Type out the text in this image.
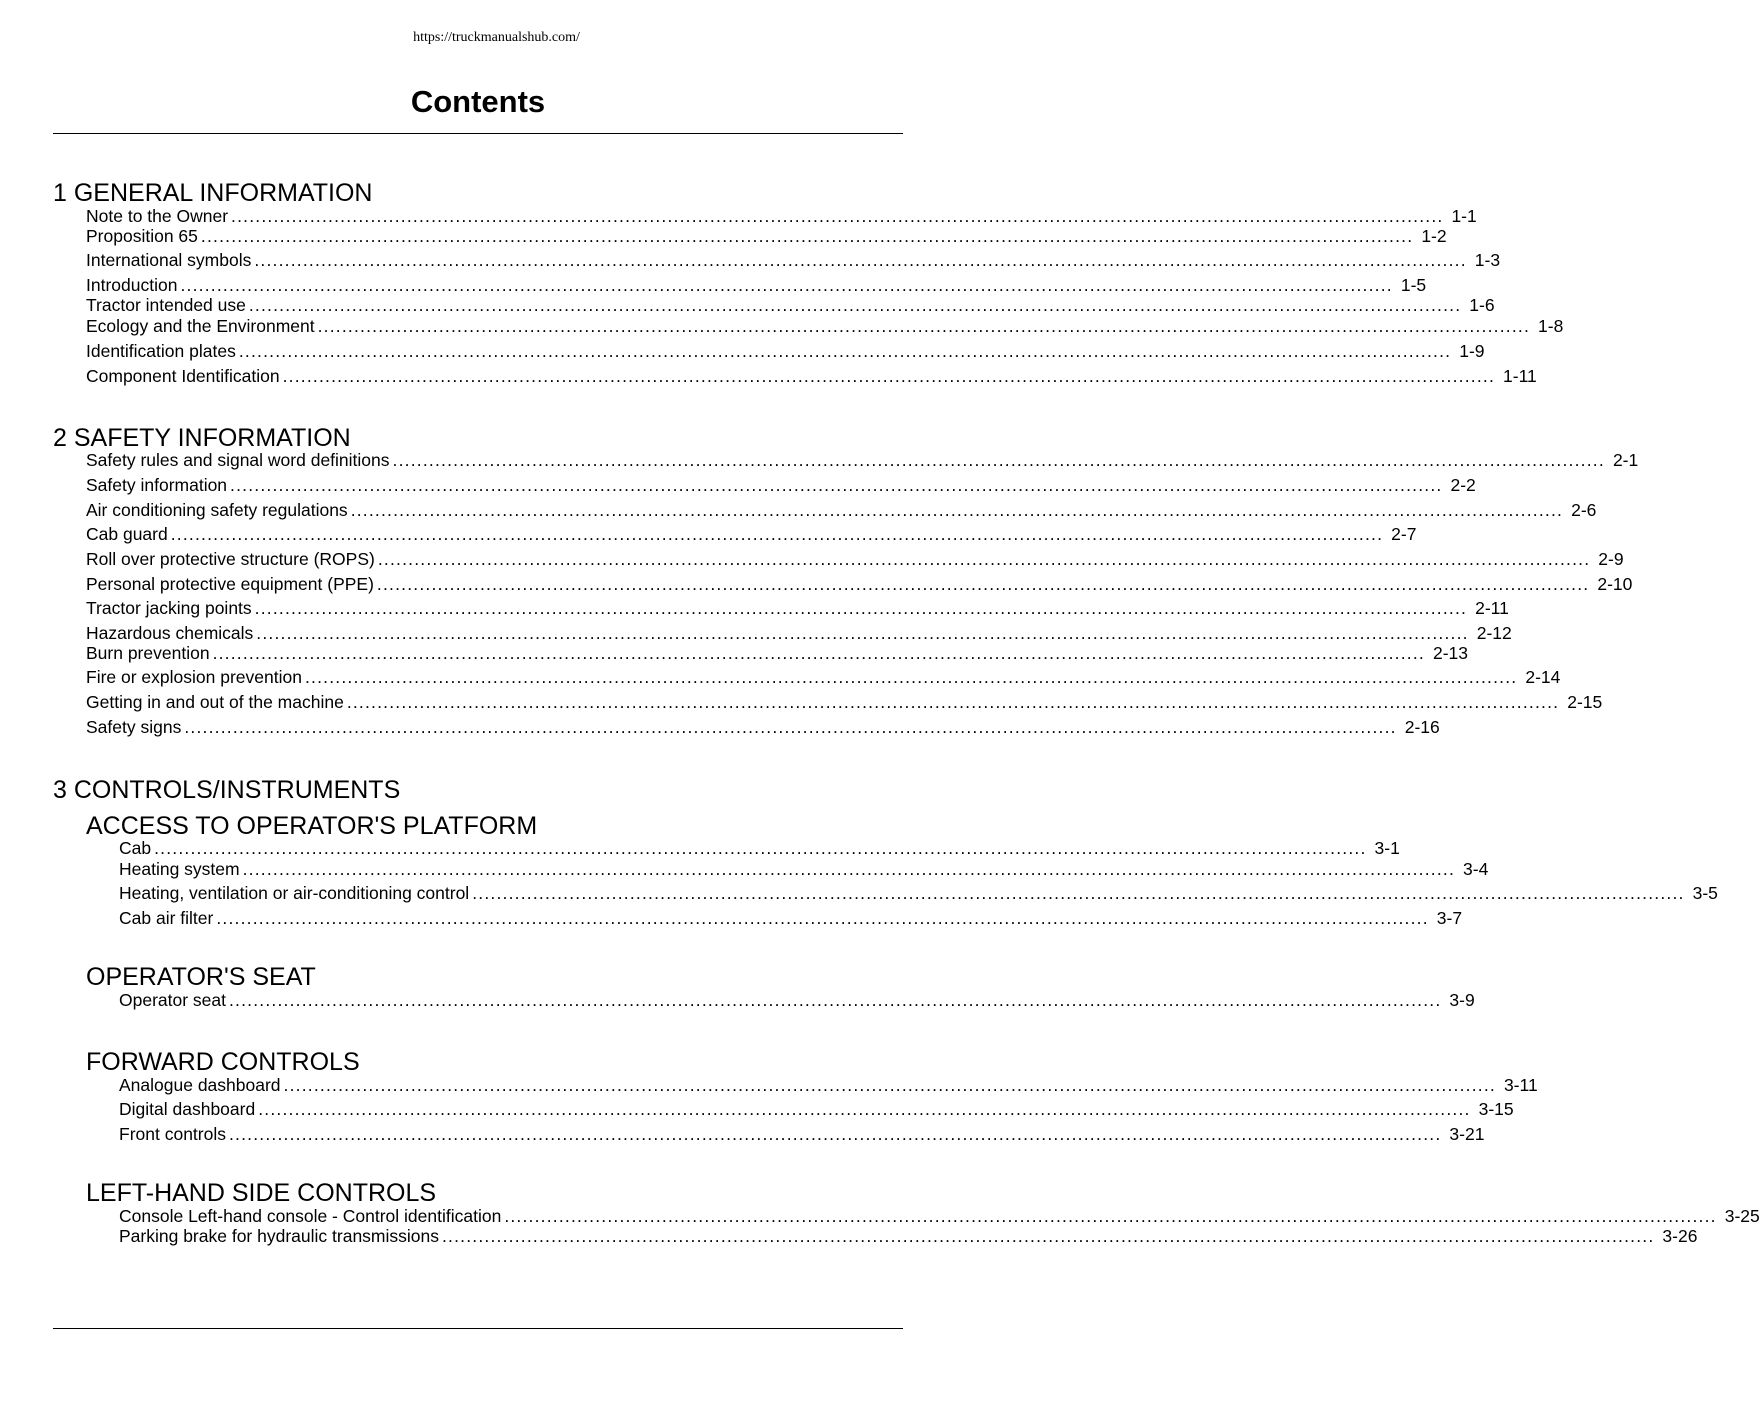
https://truckmanualshub.com/
Contents
1 GENERAL INFORMATION
Note to the Owner ........................................................................................................................................................................................................ 1-1
Proposition 65 ........................................................................................................................................................................................................ 1-2
International symbols ........................................................................................................................................................................................................ 1-3
Introduction ........................................................................................................................................................................................................ 1-5
Tractor intended use ........................................................................................................................................................................................................ 1-6
Ecology and the Environment ........................................................................................................................................................................................................ 1-8
Identification plates ........................................................................................................................................................................................................ 1-9
Component Identification ........................................................................................................................................................................................................ 1-11
2 SAFETY INFORMATION
Safety rules and signal word definitions ........................................................................................................................................................................................................ 2-1
Safety information ........................................................................................................................................................................................................ 2-2
Air conditioning safety regulations ........................................................................................................................................................................................................ 2-6
Cab guard ........................................................................................................................................................................................................ 2-7
Roll over protective structure (ROPS) ........................................................................................................................................................................................................ 2-9
Personal protective equipment (PPE) ........................................................................................................................................................................................................ 2-10
Tractor jacking points ........................................................................................................................................................................................................ 2-11
Hazardous chemicals ........................................................................................................................................................................................................ 2-12
Burn prevention ........................................................................................................................................................................................................ 2-13
Fire or explosion prevention ........................................................................................................................................................................................................ 2-14
Getting in and out of the machine ........................................................................................................................................................................................................ 2-15
Safety signs ........................................................................................................................................................................................................ 2-16
3 CONTROLS/INSTRUMENTS
ACCESS TO OPERATOR'S PLATFORM
Cab ........................................................................................................................................................................................................ 3-1
Heating system ........................................................................................................................................................................................................ 3-4
Heating, ventilation or air-conditioning control ........................................................................................................................................................................................................ 3-5
Cab air filter ........................................................................................................................................................................................................ 3-7
OPERATOR'S SEAT
Operator seat ........................................................................................................................................................................................................ 3-9
FORWARD CONTROLS
Analogue dashboard ........................................................................................................................................................................................................ 3-11
Digital dashboard ........................................................................................................................................................................................................ 3-15
Front controls ........................................................................................................................................................................................................ 3-21
LEFT-HAND SIDE CONTROLS
Console Left-hand console - Control identification ........................................................................................................................................................................................................ 3-25
Parking brake for hydraulic transmissions ........................................................................................................................................................................................................ 3-26
